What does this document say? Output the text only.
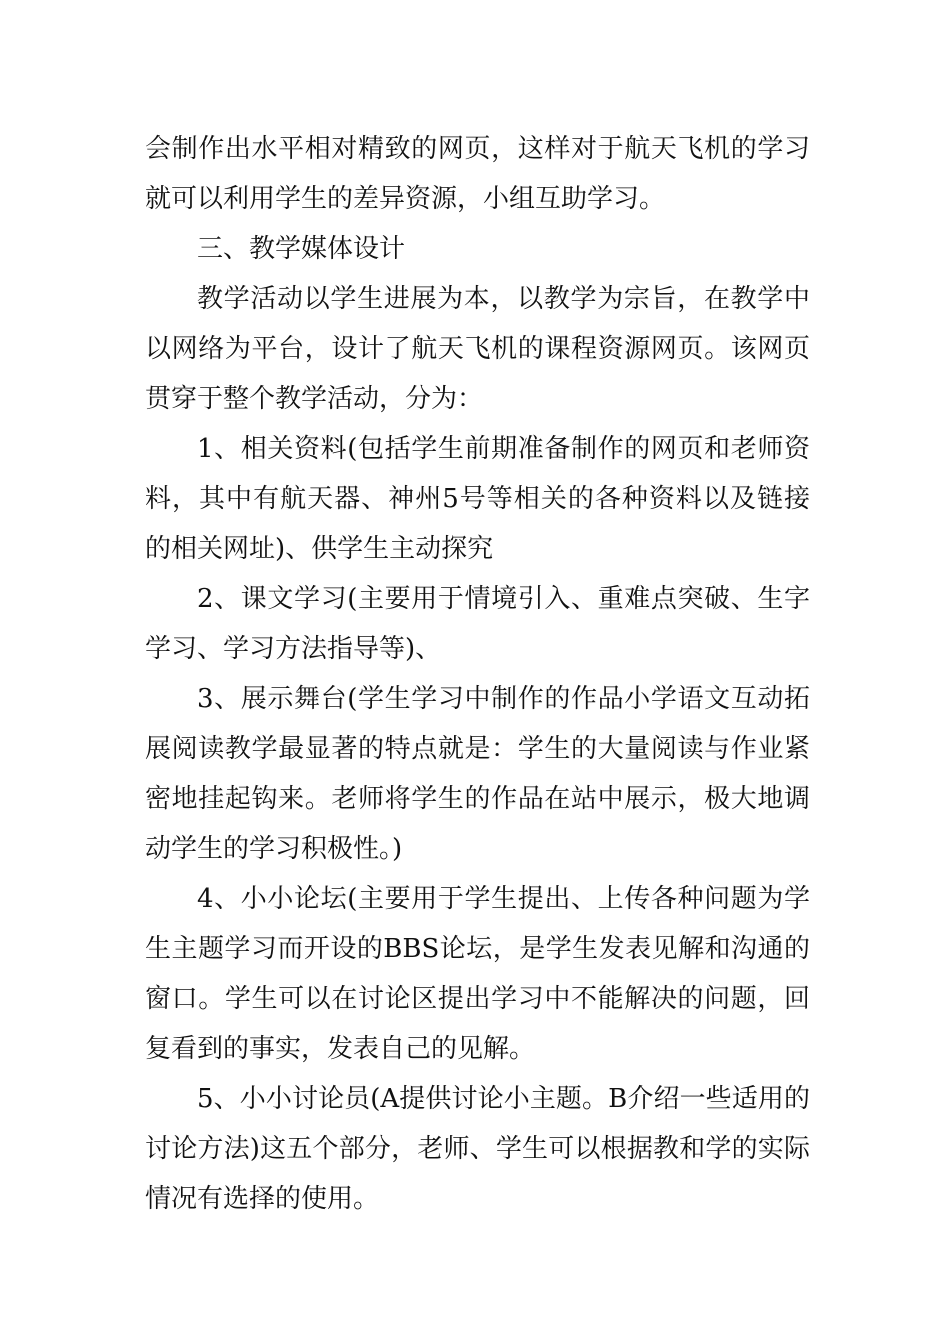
会制作出水平相对精致的网页，这样对于航天飞机的学习就可以利用学生的差异资源，小组互助学习。

三、教学媒体设计

教学活动以学生进展为本，以教学为宗旨，在教学中以网络为平台，设计了航天飞机的课程资源网页。该网页贯穿于整个教学活动，分为：

1、相关资料(包括学生前期准备制作的网页和老师资料，其中有航天器、神州5号等相关的各种资料以及链接的相关网址)、供学生主动探究

2、课文学习(主要用于情境引入、重难点突破、生字学习、学习方法指导等)、

3、展示舞台(学生学习中制作的作品小学语文互动拓展阅读教学最显著的特点就是：学生的大量阅读与作业紧密地挂起钩来。老师将学生的作品在站中展示，极大地调动学生的学习积极性。)

4、小小论坛(主要用于学生提出、上传各种问题为学生主题学习而开设的BBS论坛，是学生发表见解和沟通的窗口。学生可以在讨论区提出学习中不能解决的问题，回复看到的事实，发表自己的见解。

5、小小讨论员(A提供讨论小主题。B介绍一些适用的讨论方法)这五个部分，老师、学生可以根据教和学的实际情况有选择的使用。
